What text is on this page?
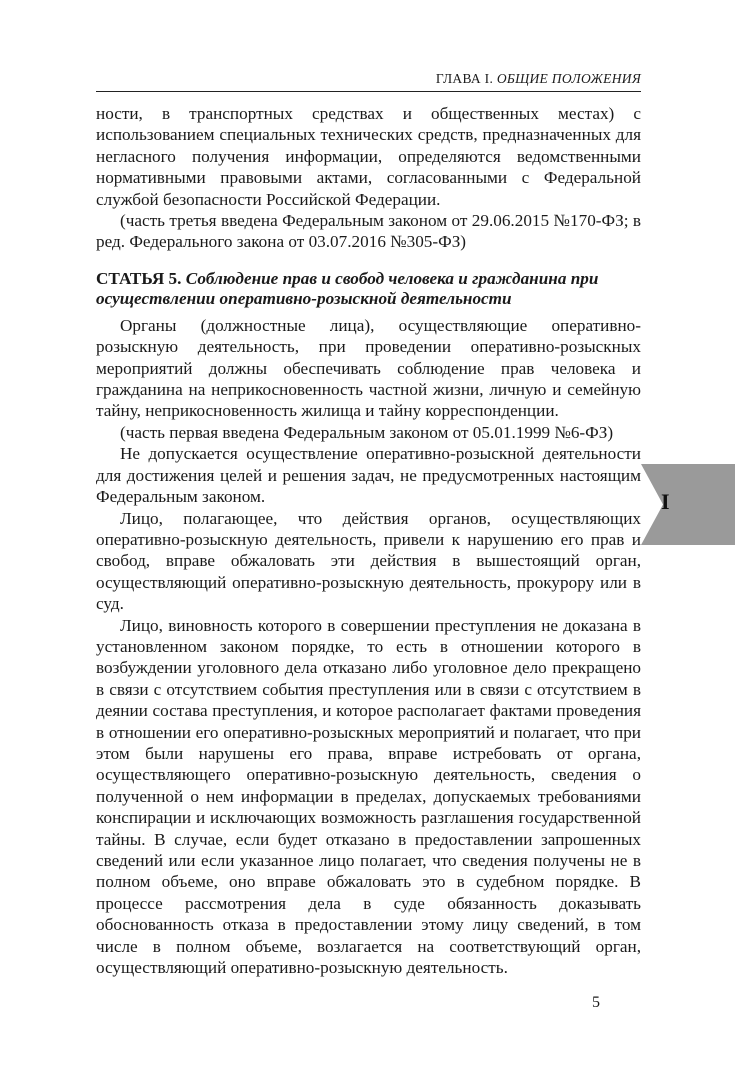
ГЛАВА I. ОБЩИЕ ПОЛОЖЕНИЯ

ности, в транспортных средствах и общественных местах) с использованием специальных технических средств, предназначенных для негласного получения информации, определяются ведомственными нормативными правовыми актами, согласованными с Федеральной службой безопасности Российской Федерации.

(часть третья введена Федеральным законом от 29.06.2015 №170-ФЗ; в ред. Федерального закона от 03.07.2016 №305-ФЗ)

СТАТЬЯ 5. Соблюдение прав и свобод человека и гражданина при осуществлении оперативно-розыскной деятельности

Органы (должностные лица), осуществляющие оперативно-розыскную деятельность, при проведении оперативно-розыскных мероприятий должны обеспечивать соблюдение прав человека и гражданина на неприкосновенность частной жизни, личную и семейную тайну, неприкосновенность жилища и тайну корреспонденции.

(часть первая введена Федеральным законом от 05.01.1999 №6-ФЗ)

Не допускается осуществление оперативно-розыскной деятельности для достижения целей и решения задач, не предусмотренных настоящим Федеральным законом.

Лицо, полагающее, что действия органов, осуществляющих оперативно-розыскную деятельность, привели к нарушению его прав и свобод, вправе обжаловать эти действия в вышестоящий орган, осуществляющий оперативно-розыскную деятельность, прокурору или в суд.

Лицо, виновность которого в совершении преступления не доказана в установленном законом порядке, то есть в отношении которого в возбуждении уголовного дела отказано либо уголовное дело прекращено в связи с отсутствием события преступления или в связи с отсутствием в деянии состава преступления, и которое располагает фактами проведения в отношении его оперативно-розыскных мероприятий и полагает, что при этом были нарушены его права, вправе истребовать от органа, осуществляющего оперативно-розыскную деятельность, сведения о полученной о нем информации в пределах, допускаемых требованиями конспирации и исключающих возможность разглашения государственной тайны. В случае, если будет отказано в предоставлении запрошенных сведений или если указанное лицо полагает, что сведения получены не в полном объеме, оно вправе обжаловать это в судебном порядке. В процессе рассмотрения дела в суде обязанность доказывать обоснованность отказа в предоставлении этому лицу сведений, в том числе в полном объеме, возлагается на соответствующий орган, осуществляющий оперативно-розыскную деятельность.

I
5
